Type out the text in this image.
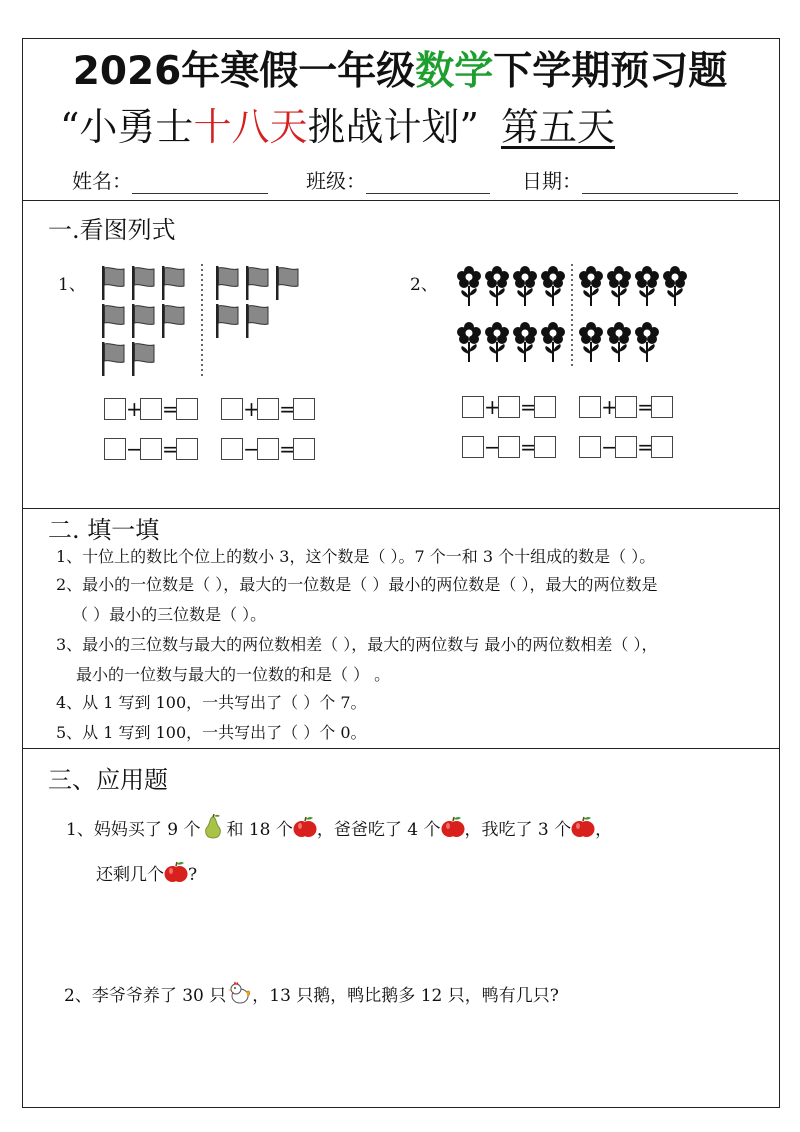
2026年寒假一年级数学下学期预习题
“小勇士十八天挑战计划” 第五天
姓名：	班级：	日期：
一.看图列式
1、	2、
+ =	+ =
− =	− =
+ =	+ =
− =	− =
二. 填一填
1、十位上的数比个位上的数小 3，这个数是（ ）。7 个一和 3 个十组成的数是（ ）。
2、最小的一位数是（ ），最大的一位数是（ ）最小的两位数是（ ），最大的两位数是
（ ）最小的三位数是（ ）。
3、最小的三位数与最大的两位数相差（ ），最大的两位数与 最小的两位数相差（ ），
最小的一位数与最大的一位数的和是（ ） 。
4、从 1 写到 100，一共写出了（ ）个 7。
5、从 1 写到 100，一共写出了（ ）个 0。
三、应用题
1、妈妈买了 9 个 和 18 个 ，爸爸吃了 4 个 ，我吃了 3 个 ，
还剩几个 ?
2、李爷爷养了 30 只 ，13 只鹅，鸭比鹅多 12 只，鸭有几只?
